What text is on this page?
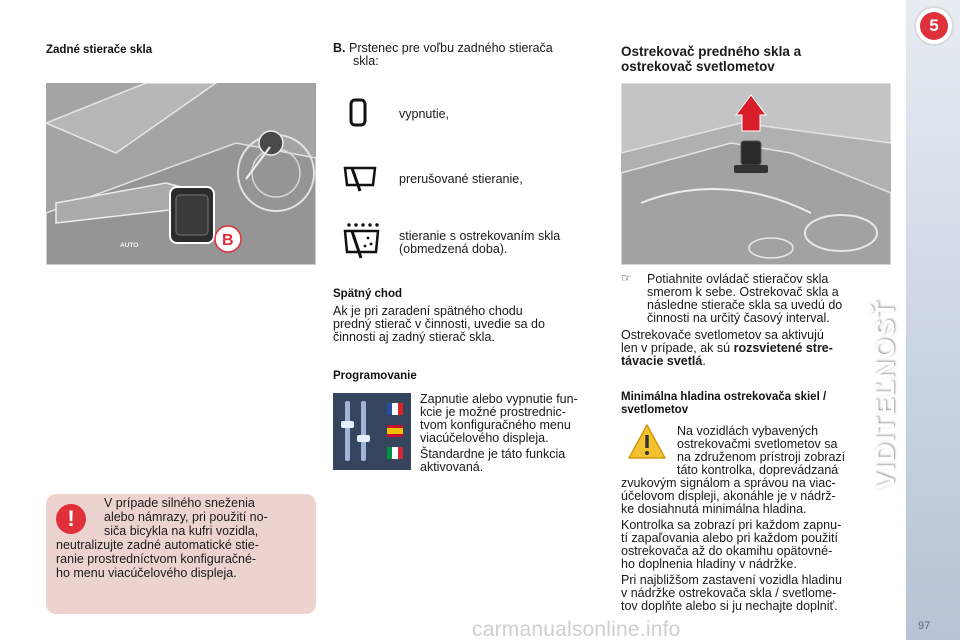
5
VIDITEĽNOSŤ
97
Zadné stierače skla
AUTO	B
!
V prípade silného sneženia
alebo námrazy, pri použití no-
siča bicykla na kufri vozidla,
neutralizujte zadné automatické stie-
ranie prostredníctvom konfiguračné-
ho menu viacúčelového displeja.
B. Prstenec pre voľbu zadného stierača
skla:
vypnutie,
prerušované stieranie,
stieranie s ostrekovaním skla
(obmedzená doba).
Spätný chod
Ak je pri zaradení spätného chodu
predný stierač v činnosti, uvedie sa do
činnosti aj zadný stierač skla.
Programovanie
Zapnutie alebo vypnutie fun-
kcie je možné prostrednic-
tvom konfiguračného menu
viacúčelového displeja.
Štandardne je táto funkcia
aktivovaná.
Ostrekovač predného skla a
ostrekovač svetlometov
☞ Potiahnite ovládač stieračov skla
smerom k sebe. Ostrekovač skla a
následne stierače skla sa uvedú do
činnosti na určitý časový interval.
Ostrekovače svetlometov sa aktivujú
len v prípade, ak sú rozsvietené stre-
távacie svetlá.
Minimálna hladina ostrekovača skiel /
svetlometov
Na vozidlách vybavených
ostrekovačmi svetlometov sa
na združenom prístroji zobrazí
táto kontrolka, doprevádzaná
zvukovým signálom a správou na viac-
účelovom displeji, akonáhle je v nádrž-
ke dosiahnutá minimálna hladina.
Kontrolka sa zobrazí pri každom zapnu-
tí zapaľovania alebo pri každom použití
ostrekovača až do okamihu opätovné-
ho doplnenia hladiny v nádržke.
Pri najbližšom zastavení vozidla hladinu
v nádržke ostrekovača skla / svetlome-
tov doplňte alebo si ju nechajte doplniť.
carmanualsonline.info
